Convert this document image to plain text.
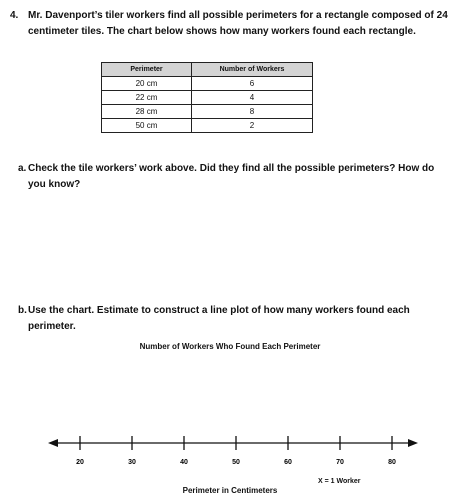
4. Mr. Davenport’s tiler workers find all possible perimeters for a rectangle composed of 24 centimeter tiles. The chart below shows how many workers found each rectangle.
Perimeter	Number of Workers
20 cm	6
22 cm	4
28 cm	8
50 cm	2
a. Check the tile workers’ work above. Did they find all the possible perimeters? How do you know?
b. Use the chart. Estimate to construct a line plot of how many workers found each perimeter.
Number of Workers Who Found Each Perimeter
20	30	40	50	60	70	80
X = 1 Worker
Perimeter in Centimeters
